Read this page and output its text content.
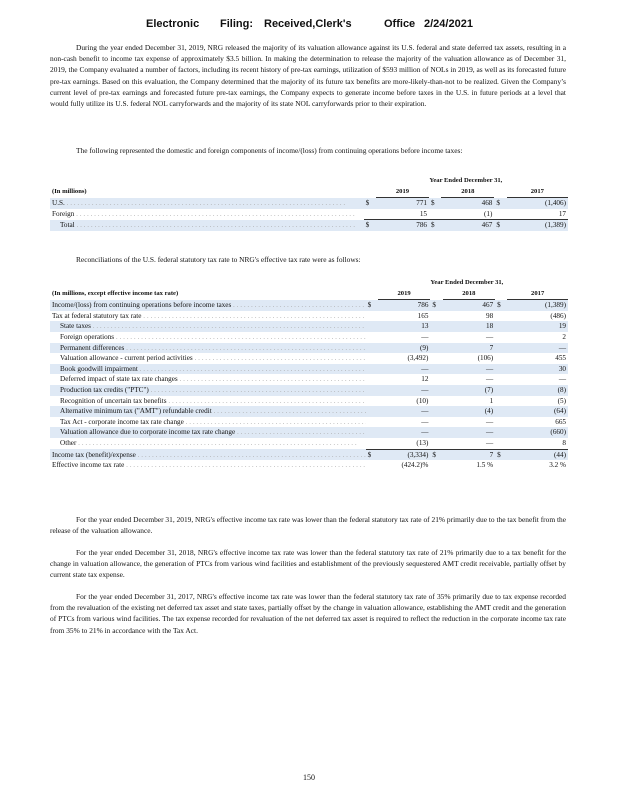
Electronic Filing: Received,Clerk's	Office 2/24/2021

During the year ended December 31, 2019, NRG released the majority of its valuation allowance against its U.S. federal and state deferred tax assets, resulting in a non-cash benefit to income tax expense of approximately $3.5 billion. In making the determination to release the majority of the valuation allowance as of December 31, 2019, the Company evaluated a number of factors, including its recent history of pre-tax earnings, utilization of $593 million of NOLs in 2019, as well as its forecasted future pre-tax earnings. Based on this evaluation, the Company determined that the majority of its future tax benefits are more-likely-than-not to be realized. Given the Company’s current level of pre-tax earnings and forecasted future pre-tax earnings, the Company expects to generate income before taxes in the U.S. in future periods at a level that would fully utilize its U.S. federal NOL carryforwards and the majority of its state NOL carryforwards prior to their expiration.

The following represented the domestic and foreign components of income/(loss) from continuing operations before income taxes:

	Year Ended December 31,					
(In millions)		2019		2018		2017
U.S. . . .	$	771	$	468	$	(1,406)
Foreign . . .		15		(1)		17
Total . . .	$	786	$	467	$	(1,389)

Reconciliations of the U.S. federal statutory tax rate to NRG's effective tax rate were as follows:

	Year Ended December 31,					
(In millions, except effective income tax rate)		2019		2018		2017
Income/(loss) from continuing operations before income taxes . . .	$	786	$	467	$	(1,389)
Tax at federal statutory tax rate . . .		165		98		(486)
State taxes . . .		13		18		19
Foreign operations . . .		—		—		2
Permanent differences . . .		(9)		7		—
Valuation allowance - current period activities . . .		(3,492)		(106)		455
Book goodwill impairment . . .		—		—		30
Deferred impact of state tax rate changes . . .		12		—		—
Production tax credits ("PTC") . . .		—		(7)		(8)
Recognition of uncertain tax benefits . . .		(10)		1		(5)
Alternative minimum tax ("AMT") refundable credit . . .		—		(4)		(64)
Tax Act - corporate income tax rate change . . .		—		—		665
Valuation allowance due to corporate income tax rate change . . .		—		—		(660)
Other . . .		(13)		—		8
Income tax (benefit)/expense . . .	$	(3,334)	$	7	$	(44)
Effective income tax rate . . .		(424.2)%		1.5 %		3.2 %

For the year ended December 31, 2019, NRG's effective income tax rate was lower than the federal statutory tax rate of 21% primarily due to the tax benefit from the release of the valuation allowance.

For the year ended December 31, 2018, NRG's effective income tax rate was lower than the federal statutory tax rate of 21% primarily due to a tax benefit for the change in valuation allowance, the generation of PTCs from various wind facilities and establishment of the previously sequestered AMT credit receivable, partially offset by current state tax expense.

For the year ended December 31, 2017, NRG's effective income tax rate was lower than the federal statutory tax rate of 35% primarily due to tax expense recorded from the revaluation of the existing net deferred tax asset and state taxes, partially offset by the change in valuation allowance, establishing the AMT credit and the generation of PTCs from various wind facilities. The tax expense recorded for revaluation of the net deferred tax asset is required to reflect the reduction in the corporate income tax rate from 35% to 21% in accordance with the Tax Act.

150
